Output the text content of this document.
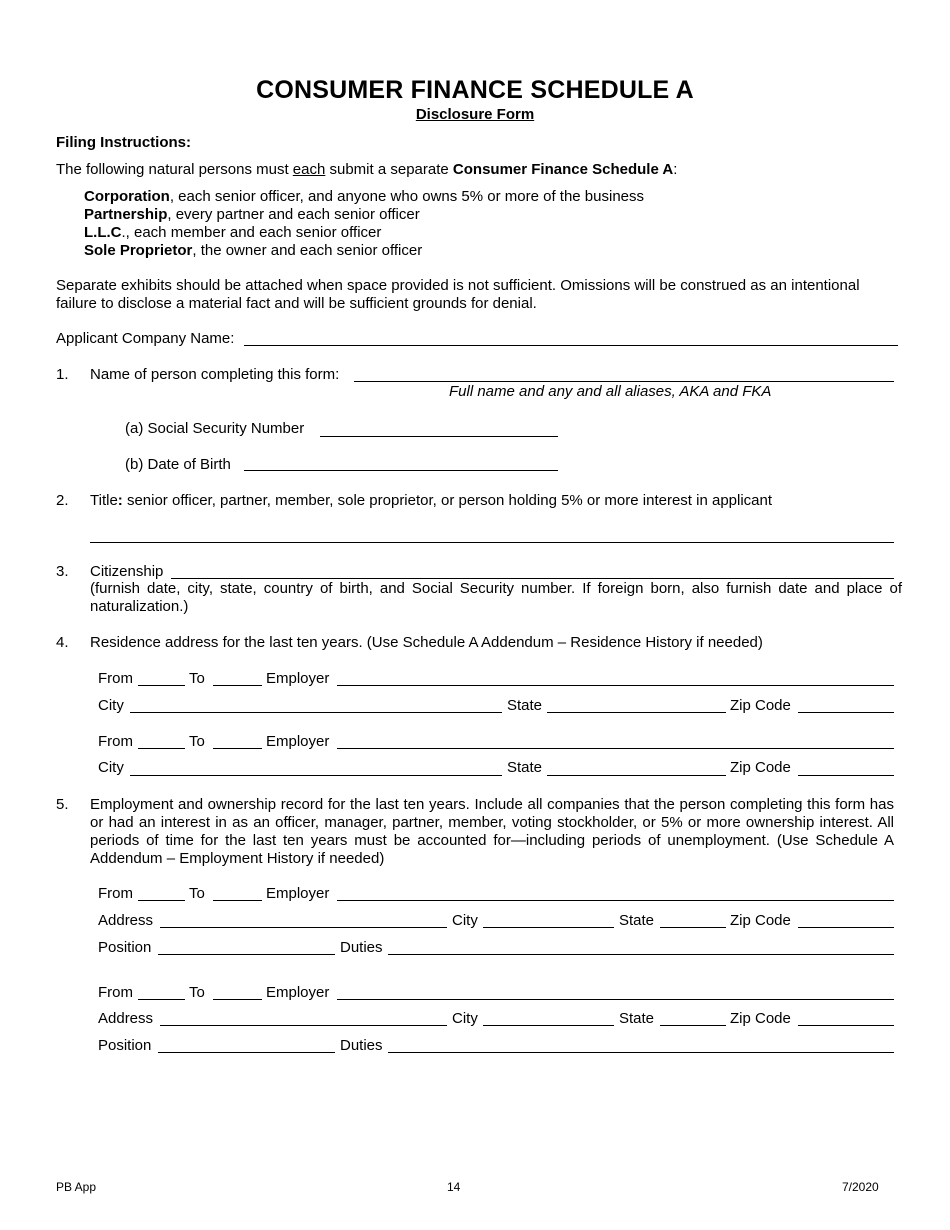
CONSUMER FINANCE SCHEDULE A
Disclosure Form
Filing Instructions:
The following natural persons must each submit a separate Consumer Finance Schedule A:
Corporation, each senior officer, and anyone who owns 5% or more of the business
Partnership, every partner and each senior officer
L.L.C., each member and each senior officer
Sole Proprietor, the owner and each senior officer
Separate exhibits should be attached when space provided is not sufficient. Omissions will be construed as an intentional failure to disclose a material fact and will be sufficient grounds for denial.
Applicant Company Name:
1. Name of person completing this form:
Full name and any and all aliases, AKA and FKA
(a) Social Security Number
(b) Date of Birth
2. Title: senior officer, partner, member, sole proprietor, or person holding 5% or more interest in applicant
3. Citizenship
(furnish date, city, state, country of birth, and Social Security number. If foreign born, also furnish date and place of naturalization.)
4. Residence address for the last ten years. (Use Schedule A Addendum – Residence History if needed)
From	To	Employer
City	State	Zip Code
From	To	Employer
City	State	Zip Code
5. Employment and ownership record for the last ten years. Include all companies that the person completing this form has or had an interest in as an officer, manager, partner, member, voting stockholder, or 5% or more ownership interest. All periods of time for the last ten years must be accounted for—including periods of unemployment. (Use Schedule A Addendum – Employment History if needed)
From	To	Employer
Address	City	State	Zip Code
Position	Duties
From	To	Employer
Address	City	State	Zip Code
Position	Duties
PB App	14	7/2020
